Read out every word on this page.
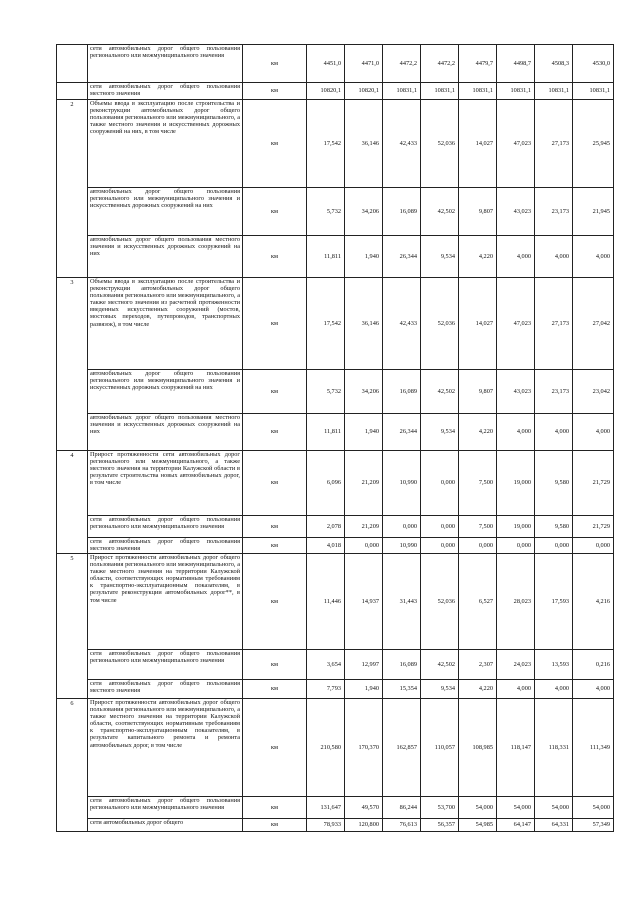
	сети автомобильных дорог общего пользования регионального или межмуниципального значения	км	4451,0	4471,0	4472,2	4472,2	4479,7	4498,7	4508,3	4530,0
	сети автомобильных дорог общего пользования местного значения	км	10820,1	10820,1	10831,1	10831,1	10831,1	10831,1	10831,1	10831,1
2	Объемы ввода в эксплуатацию после строительства и реконструкции автомобильных дорог общего пользования регионального или межмуниципального, а также местного значения и искусственных дорожных сооружений на них, в том числе	км	17,542	36,146	42,433	52,036	14,027	47,023	27,173	25,945
	автомобильных дорог общего пользования регионального или межмуниципального значения и искусственных дорожных сооружений на них	км	5,732	34,206	16,089	42,502	9,807	43,023	23,173	21,945
	автомобильных дорог общего пользования местного значения и искусственных дорожных сооружений на них	км	11,811	1,940	26,344	9,534	4,220	4,000	4,000	4,000
3	Объемы ввода в эксплуатацию после строительства и реконструкции автомобильных дорог общего пользования регионального или межмуниципального, а также местного значения из расчетной протяженности введенных искусственных сооружений (мостов, мостовых переходов, путепроводов, транспортных развязок), в том числе	км	17,542	36,146	42,433	52,036	14,027	47,023	27,173	27,042
	автомобильных дорог общего пользования регионального или межмуниципального значения и искусственных дорожных сооружений на них	км	5,732	34,206	16,089	42,502	9,807	43,023	23,173	23,042
	автомобильных дорог общего пользования местного значения и искусственных дорожных сооружений на них	км	11,811	1,940	26,344	9,534	4,220	4,000	4,000	4,000
4	Прирост протяженности сети автомобильных дорог регионального или межмуниципального, а также местного значения на территории Калужской области в результате строительства новых автомобильных дорог, в том числе	км	6,096	21,209	10,990	0,000	7,500	19,000	9,580	21,729
	сети автомобильных дорог общего пользования регионального или межмуниципального значения	км	2,078	21,209	0,000	0,000	7,500	19,000	9,580	21,729
	сети автомобильных дорог общего пользования местного значения	км	4,018	0,000	10,990	0,000	0,000	0,000	0,000	0,000
5	Прирост протяженности автомобильных дорог общего пользования регионального или межмуниципального, а также местного значения на территории Калужской области, соответствующих нормативным требованиям к транспортно-эксплуатационным показателям, в результате реконструкции автомобильных дорог**, в том числе	км	11,446	14,937	31,443	52,036	6,527	28,023	17,593	4,216
	сети автомобильных дорог общего пользования регионального или межмуниципального значения	км	3,654	12,997	16,089	42,502	2,307	24,023	13,593	0,216
	сети автомобильных дорог общего пользования местного значения	км	7,793	1,940	15,354	9,534	4,220	4,000	4,000	4,000
6	Прирост протяженности автомобильных дорог общего пользования регионального или межмуниципального, а также местного значения на территории Калужской области, соответствующих нормативным требованиям к транспортно-эксплуатационным показателям, в результате капитального ремонта и ремонта автомобильных дорог, в том числе	км	210,580	170,370	162,857	110,057	108,985	118,147	118,331	111,349
	сети автомобильных дорог общего пользования регионального или межмуниципального значения	км	131,647	49,570	86,244	53,700	54,000	54,000	54,000	54,000
	сети автомобильных дорог общего	км	78,933	120,800	76,613	56,357	54,985	64,147	64,331	57,349
